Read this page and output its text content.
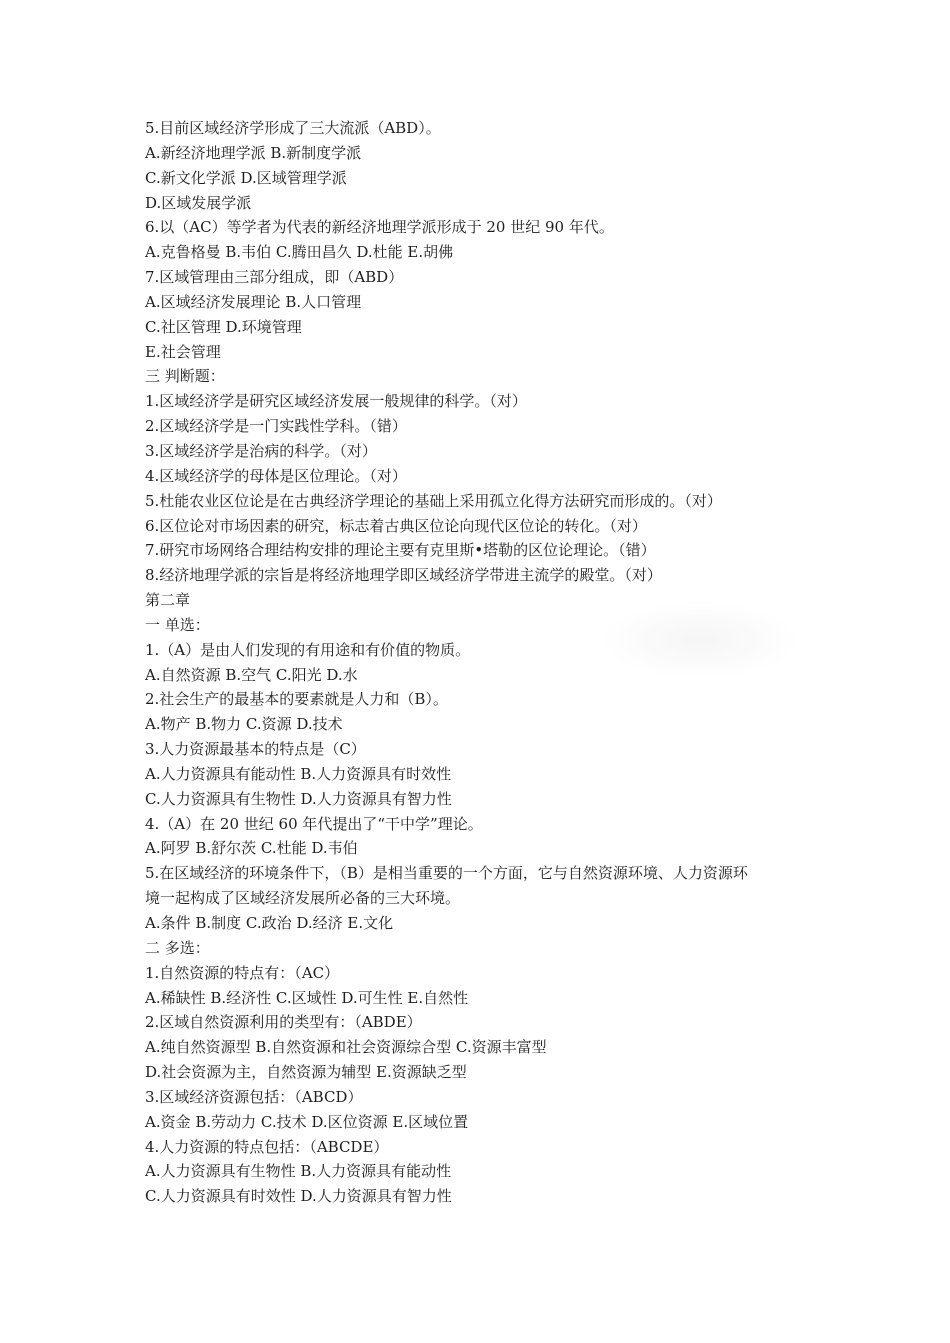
5.目前区域经济学形成了三大流派（ABD）。
A.新经济地理学派 B.新制度学派
C.新文化学派 D.区域管理学派
D.区域发展学派
6.以（AC）等学者为代表的新经济地理学派形成于 20 世纪 90 年代。
A.克鲁格曼 B.韦伯 C.腾田昌久 D.杜能 E.胡佛
7.区域管理由三部分组成，即（ABD）
A.区域经济发展理论 B.人口管理
C.社区管理 D.环境管理
E.社会管理
三 判断题：
1.区域经济学是研究区域经济发展一般规律的科学。（对）
2.区域经济学是一门实践性学科。（错）
3.区域经济学是治病的科学。（对）
4.区域经济学的母体是区位理论。（对）
5.杜能农业区位论是在古典经济学理论的基础上采用孤立化得方法研究而形成的。（对）
6.区位论对市场因素的研究，标志着古典区位论向现代区位论的转化。（对）
7.研究市场网络合理结构安排的理论主要有克里斯•塔勒的区位论理论。（错）
8.经济地理学派的宗旨是将经济地理学即区域经济学带进主流学的殿堂。（对）
第二章
一 单选：
1.（A）是由人们发现的有用途和有价值的物质。
A.自然资源 B.空气 C.阳光 D.水
2.社会生产的最基本的要素就是人力和（B）。
A.物产 B.物力 C.资源 D.技术
3.人力资源最基本的特点是（C）
A.人力资源具有能动性 B.人力资源具有时效性
C.人力资源具有生物性 D.人力资源具有智力性
4.（A）在 20 世纪 60 年代提出了“干中学”理论。
A.阿罗 B.舒尔茨 C.杜能 D.韦伯
5.在区域经济的环境条件下，（B）是相当重要的一个方面，它与自然资源环境、人力资源环
境一起构成了区域经济发展所必备的三大环境。
A.条件 B.制度 C.政治 D.经济 E.文化
二 多选：
1.自然资源的特点有：（AC）
A.稀缺性 B.经济性 C.区域性 D.可生性 E.自然性
2.区域自然资源利用的类型有：（ABDE）
A.纯自然资源型 B.自然资源和社会资源综合型 C.资源丰富型
D.社会资源为主，自然资源为辅型 E.资源缺乏型
3.区域经济资源包括：（ABCD）
A.资金 B.劳动力 C.技术 D.区位资源 E.区域位置
4.人力资源的特点包括：（ABCDE）
A.人力资源具有生物性 B.人力资源具有能动性
C.人力资源具有时效性 D.人力资源具有智力性
